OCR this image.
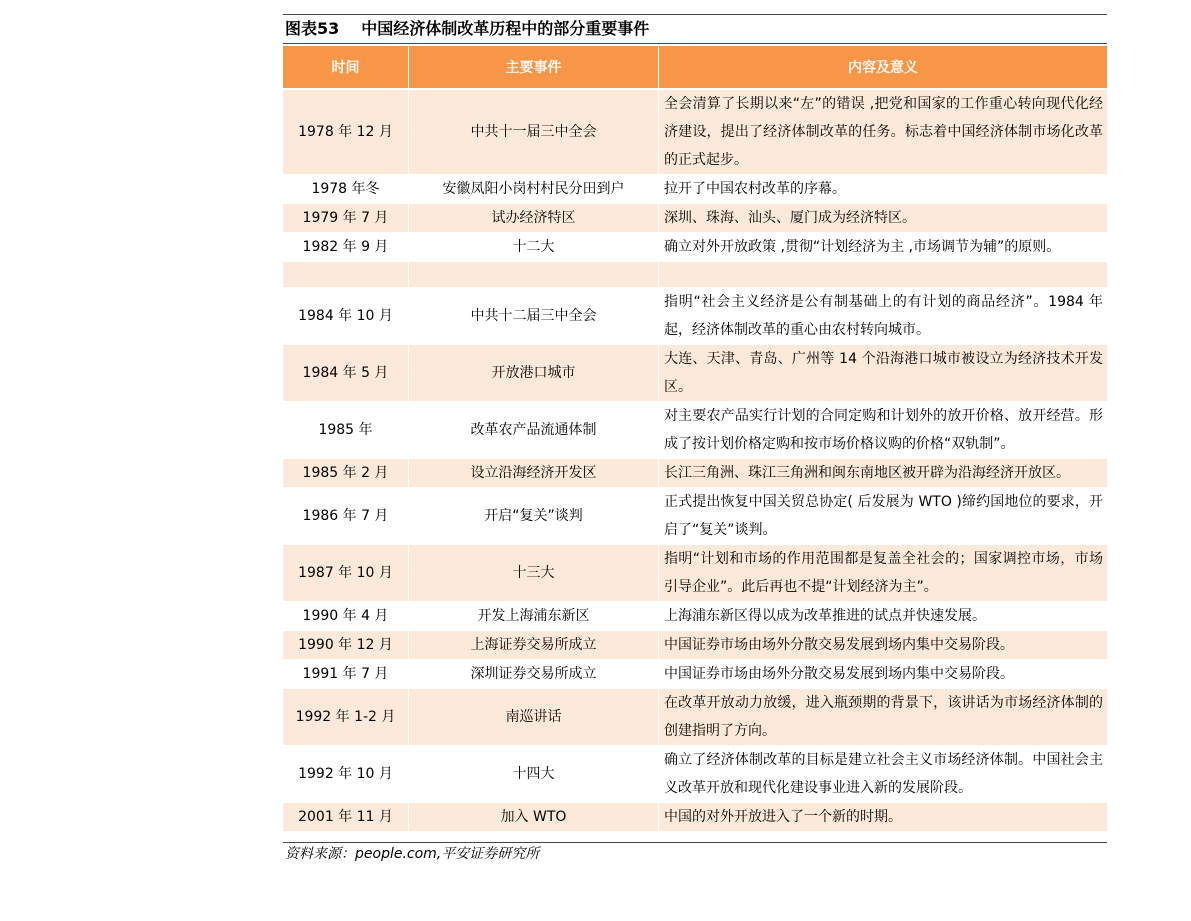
图表53 中国经济体制改革历程中的部分重要事件
时间	主要事件	内容及意义
1978 年 12 月	中共十一届三中全会	全会清算了长期以来“左”的错误 ,把党和国家的工作重心转向现代化经济建设，提出了经济体制改革的任务。标志着中国经济体制市场化改革的正式起步。
1978 年冬	安徽凤阳小岗村村民分田到户	拉开了中国农村改革的序幕。
1979 年 7 月	试办经济特区	深圳、珠海、汕头、厦门成为经济特区。
1982 年 9 月	十二大	确立对外开放政策 ,贯彻“计划经济为主 ,市场调节为辅”的原则。

1984 年 10 月	中共十二届三中全会	指明“社会主义经济是公有制基础上的有计划的商品经济”。1984 年起，经济体制改革的重心由农村转向城市。
1984 年 5 月	开放港口城市	大连、天津、青岛、广州等 14 个沿海港口城市被设立为经济技术开发区。
1985 年	改革农产品流通体制	对主要农产品实行计划的合同定购和计划外的放开价格、放开经营。形成了按计划价格定购和按市场价格议购的价格“双轨制”。
1985 年 2 月	设立沿海经济开发区	长江三角洲、珠江三角洲和闽东南地区被开辟为沿海经济开放区。
1986 年 7 月	开启“复关”谈判	正式提出恢复中国关贸总协定( 后发展为 WTO )缔约国地位的要求，开启了“复关”谈判。
1987 年 10 月	十三大	指明“计划和市场的作用范围都是复盖全社会的；国家调控市场，市场引导企业”。此后再也不提“计划经济为主”。
1990 年 4 月	开发上海浦东新区	上海浦东新区得以成为改革推进的试点并快速发展。
1990 年 12 月	上海证券交易所成立	中国证券市场由场外分散交易发展到场内集中交易阶段。
1991 年 7 月	深圳证券交易所成立	中国证券市场由场外分散交易发展到场内集中交易阶段。
1992 年 1-2 月	南巡讲话	在改革开放动力放缓，进入瓶颈期的背景下，该讲话为市场经济体制的创建指明了方向。
1992 年 10 月	十四大	确立了经济体制改革的目标是建立社会主义市场经济体制。中国社会主义改革开放和现代化建设事业进入新的发展阶段。
2001 年 11 月	加入 WTO	中国的对外开放进入了一个新的时期。
资料来源：people.com,平安证券研究所
